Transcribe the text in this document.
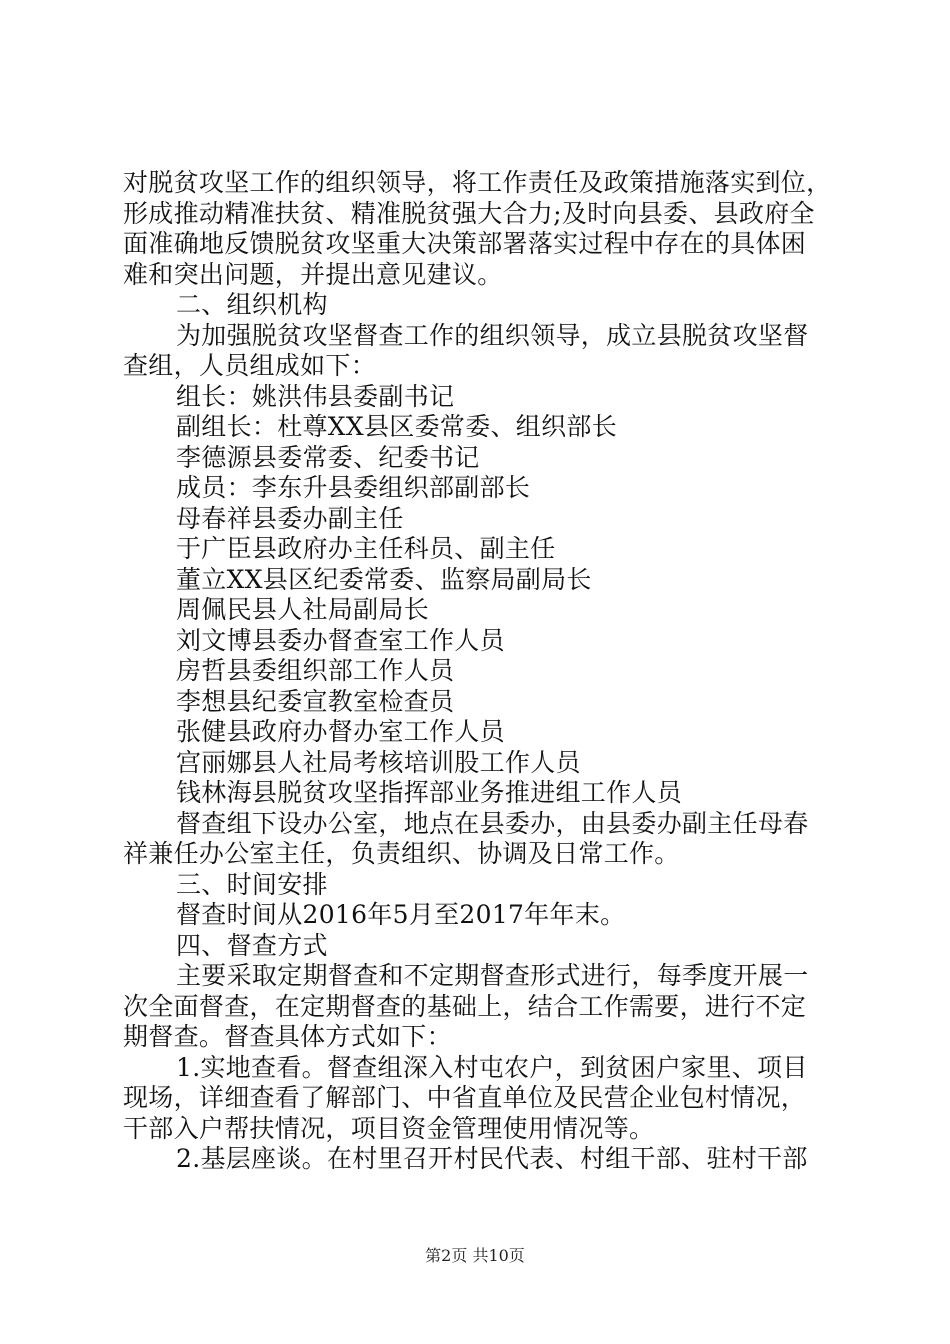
对脱贫攻坚工作的组织领导，将工作责任及政策措施落实到位，
形成推动精准扶贫、精准脱贫强大合力;及时向县委、县政府全
面准确地反馈脱贫攻坚重大决策部署落实过程中存在的具体困
难和突出问题，并提出意见建议。
二、组织机构
为加强脱贫攻坚督查工作的组织领导，成立县脱贫攻坚督
查组，人员组成如下：
组长：姚洪伟县委副书记
副组长：杜尊XX县区委常委、组织部长
李德源县委常委、纪委书记
成员：李东升县委组织部副部长
母春祥县委办副主任
于广臣县政府办主任科员、副主任
董立XX县区纪委常委、监察局副局长
周佩民县人社局副局长
刘文博县委办督查室工作人员
房哲县委组织部工作人员
李想县纪委宣教室检查员
张健县政府办督办室工作人员
宫丽娜县人社局考核培训股工作人员
钱林海县脱贫攻坚指挥部业务推进组工作人员
督查组下设办公室，地点在县委办，由县委办副主任母春
祥兼任办公室主任，负责组织、协调及日常工作。
三、时间安排
督查时间从2016年5月至2017年年末。
四、督查方式
主要采取定期督查和不定期督查形式进行，每季度开展一
次全面督查，在定期督查的基础上，结合工作需要，进行不定
期督查。督查具体方式如下：
1.实地查看。督查组深入村屯农户，到贫困户家里、项目
现场，详细查看了解部门、中省直单位及民营企业包村情况，
干部入户帮扶情况，项目资金管理使用情况等。
2.基层座谈。在村里召开村民代表、村组干部、驻村干部
第2页 共10页
